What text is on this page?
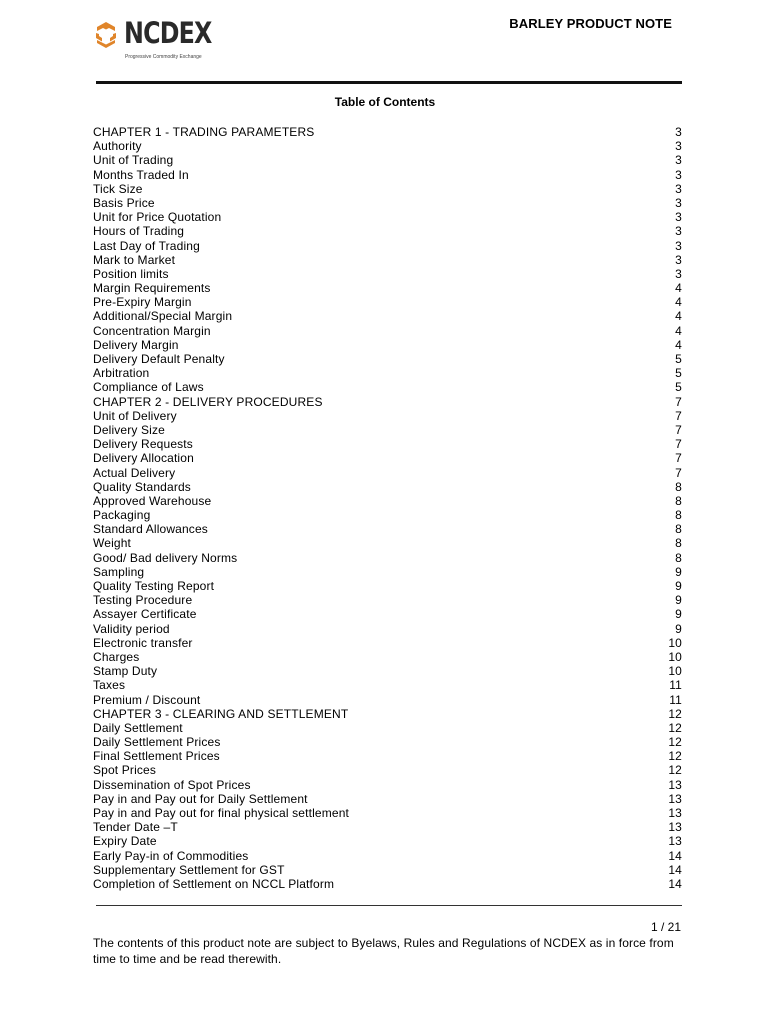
NCDEX
Progressive Commodity Exchange
BARLEY PRODUCT NOTE
Table of Contents
CHAPTER 1 - TRADING PARAMETERS	3
Authority	3
Unit of Trading	3
Months Traded In	3
Tick Size	3
Basis Price	3
Unit for Price Quotation	3
Hours of Trading	3
Last Day of Trading	3
Mark to Market	3
Position limits	3
Margin Requirements	4
Pre-Expiry Margin	4
Additional/Special Margin	4
Concentration Margin	4
Delivery Margin	4
Delivery Default Penalty	5
Arbitration	5
Compliance of Laws	5
CHAPTER 2 - DELIVERY PROCEDURES	7
Unit of Delivery	7
Delivery Size	7
Delivery Requests	7
Delivery Allocation	7
Actual Delivery	7
Quality Standards	8
Approved Warehouse	8
Packaging	8
Standard Allowances	8
Weight	8
Good/ Bad delivery Norms	8
Sampling	9
Quality Testing Report	9
Testing Procedure	9
Assayer Certificate	9
Validity period	9
Electronic transfer	10
Charges	10
Stamp Duty	10
Taxes	11
Premium / Discount	11
CHAPTER 3 - CLEARING AND SETTLEMENT	12
Daily Settlement	12
Daily Settlement Prices	12
Final Settlement Prices	12
Spot Prices	12
Dissemination of Spot Prices	13
Pay in and Pay out for Daily Settlement	13
Pay in and Pay out for final physical settlement	13
Tender Date –T	13
Expiry Date	13
Early Pay-in of Commodities	14
Supplementary Settlement for GST	14
Completion of Settlement on NCCL Platform	14
1 / 21
The contents of this product note are subject to Byelaws, Rules and Regulations of NCDEX as in force from time to time and be read therewith.
